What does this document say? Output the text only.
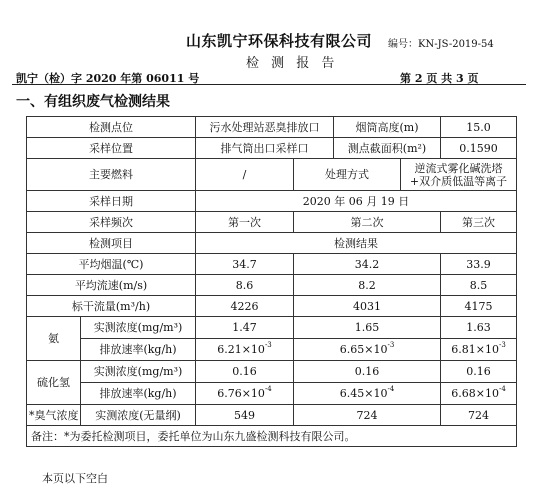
山东凯宁环保科技有限公司 编号：KN-JS-2019-54
检 测 报 告
凯宁（检）字 2020 年第 06011 号	第 2 页 共 3 页
一、有组织废气检测结果
检测点位		污水处理站恶臭排放口		烟筒高度(m)		15.0
采样位置		排气筒出口采样口		测点截面积(m²)		0.1590
主要燃料		/	处理方式		逆流式雾化碱洗塔
+双介质低温等离子	

采样日期		2020 年 06 月 19 日				
采样频次		第一次	第二次			第三次
检测项目		检测结果				
平均烟温(℃)		34.7	34.2			33.9
平均流速(m/s)		8.6	8.2			8.5
标干流量(m³/h)		4226	4031			4175
氨	实测浓度(mg/m³)	1.47	1.65			1.63
	排放速率(kg/h)	$6.21\times 10^{-3}$	$6.65\times 10^{-3}$			$6.81\times 10^{-3}$
硫化氢	实测浓度(mg/m³)	0.16	0.16			0.16
	排放速率(kg/h)	$6.76\times 10^{-4}$	$6.45\times 10^{-4}$			$6.68\times 10^{-4}$
*臭气浓度	实测浓度(无量纲)	549	724			724
备注：*为委托检测项目，委托单位为山东九盛检测科技有限公司。						
本页以下空白
